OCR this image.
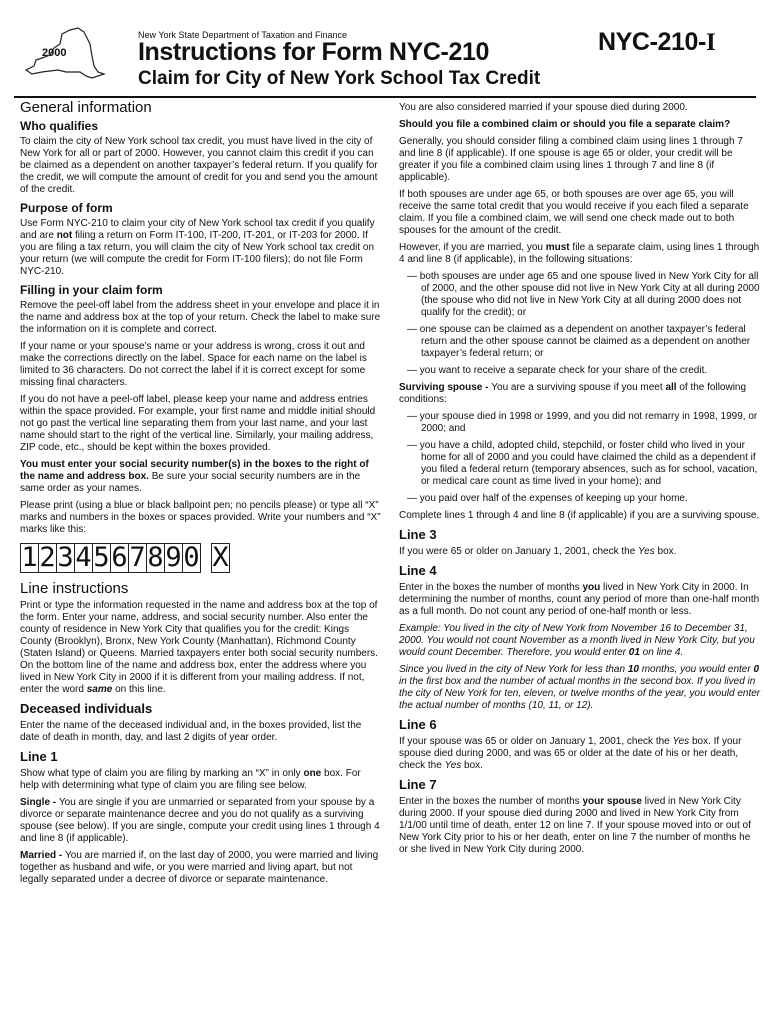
2000
New York State Department of Taxation and Finance
Instructions for Form NYC-210
Claim for City of New York School Tax Credit
NYC-210-I
General information
Who qualifies

To claim the city of New York school tax credit, you must have lived in the city of New York for all or part of 2000. However, you cannot claim this credit if you can be claimed as a dependent on another taxpayer’s federal return. If you qualify for the credit, we will compute the amount of credit for you and send you the amount of the credit.

Purpose of form

Use Form NYC-210 to claim your city of New York school tax credit if you qualify and are not filing a return on Form IT-100, IT-200, IT-201, or IT-203 for 2000. If you are filing a tax return, you will claim the city of New York school tax credit on your return (we will compute the credit for Form IT-100 filers); do not file Form NYC-210.

Filling in your claim form

Remove the peel-off label from the address sheet in your envelope and place it in the name and address box at the top of your return. Check the label to make sure the information on it is complete and correct.

If your name or your spouse’s name or your address is wrong, cross it out and make the corrections directly on the label. Space for each name on the label is limited to 36 characters. Do not correct the label if it is correct except for some missing final characters.

If you do not have a peel-off label, please keep your name and address entries within the space provided. For example, your first name and middle initial should not go past the vertical line separating them from your last name, and your last name should start to the right of the vertical line. Similarly, your mailing address, ZIP code, etc., should be kept within the boxes provided.

You must enter your social security number(s) in the boxes to the right of the name and address box. Be sure your social security numbers are in the same order as your names.

Please print (using a blue or black ballpoint pen; no pencils please) or type all “X” marks and numbers in the boxes or spaces provided. Write your numbers and “X” marks like this:

1 2 3 4 5 6 7 8 9 0 X
Line instructions

Print or type the information requested in the name and address box at the top of the form. Enter your name, address, and social security number. Also enter the county of residence in New York City that qualifies you for the credit: Kings County (Brooklyn), Bronx, New York County (Manhattan), Richmond County (Staten Island) or Queens. Married taxpayers enter both social security numbers. On the bottom line of the name and address box, enter the address where you lived in New York City in 2000 if it is different from your mailing address. If not, enter the word same on this line.

Deceased individuals

Enter the name of the deceased individual and, in the boxes provided, list the date of death in month, day, and last 2 digits of year order.

Line 1

Show what type of claim you are filing by marking an “X” in only one box. For help with determining what type of claim you are filing see below.

Single - You are single if you are unmarried or separated from your spouse by a divorce or separate maintenance decree and you do not qualify as a surviving spouse (see below). If you are single, compute your credit using lines 1 through 4 and line 8 (if applicable).

Married - You are married if, on the last day of 2000, you were married and living together as husband and wife, or you were married and living apart, but not legally separated under a decree of divorce or separate maintenance.

You are also considered married if your spouse died during 2000.

Should you file a combined claim or should you file a separate claim?

Generally, you should consider filing a combined claim using lines 1 through 7 and line 8 (if applicable). If one spouse is age 65 or older, your credit will be greater if you file a combined claim using lines 1 through 7 and line 8 (if applicable).

If both spouses are under age 65, or both spouses are over age 65, you will receive the same total credit that you would receive if you each filed a separate claim. If you file a combined claim, we will send one check made out to both spouses for the amount of the credit.

However, if you are married, you must file a separate claim, using lines 1 through 4 and line 8 (if applicable), in the following situations:

— both spouses are under age 65 and one spouse lived in New York City for all of 2000, and the other spouse did not live in New York City at all during 2000 (the spouse who did not live in New York City at all during 2000 does not qualify for the credit); or

— one spouse can be claimed as a dependent on another taxpayer’s federal return and the other spouse cannot be claimed as a dependent on another taxpayer’s federal return; or

— you want to receive a separate check for your share of the credit.

Surviving spouse - You are a surviving spouse if you meet all of the following conditions:

— your spouse died in 1998 or 1999, and you did not remarry in 1998, 1999, or 2000; and

— you have a child, adopted child, stepchild, or foster child who lived in your home for all of 2000 and you could have claimed the child as a dependent if you filed a federal return (temporary absences, such as for school, vacation, or medical care count as time lived in your home); and

— you paid over half of the expenses of keeping up your home.

Complete lines 1 through 4 and line 8 (if applicable) if you are a surviving spouse.

Line 3

If you were 65 or older on January 1, 2001, check the Yes box.

Line 4

Enter in the boxes the number of months you lived in New York City in 2000. In determining the number of months, count any period of more than one-half month as a full month. Do not count any period of one-half month or less.

Example: You lived in the city of New York from November 16 to December 31, 2000. You would not count November as a month lived in New York City, but you would count December. Therefore, you would enter 01 on line 4.

Since you lived in the city of New York for less than 10 months, you would enter 0 in the first box and the number of actual months in the second box. If you lived in the city of New York for ten, eleven, or twelve months of the year, you would enter the actual number of months (10, 11, or 12).

Line 6

If your spouse was 65 or older on January 1, 2001, check the Yes box. If your spouse died during 2000, and was 65 or older at the date of his or her death, check the Yes box.

Line 7

Enter in the boxes the number of months your spouse lived in New York City during 2000. If your spouse died during 2000 and lived in New York City from 1/1/00 until time of death, enter 12 on line 7. If your spouse moved into or out of New York City prior to his or her death, enter on line 7 the number of months he or she lived in New York City during 2000.
